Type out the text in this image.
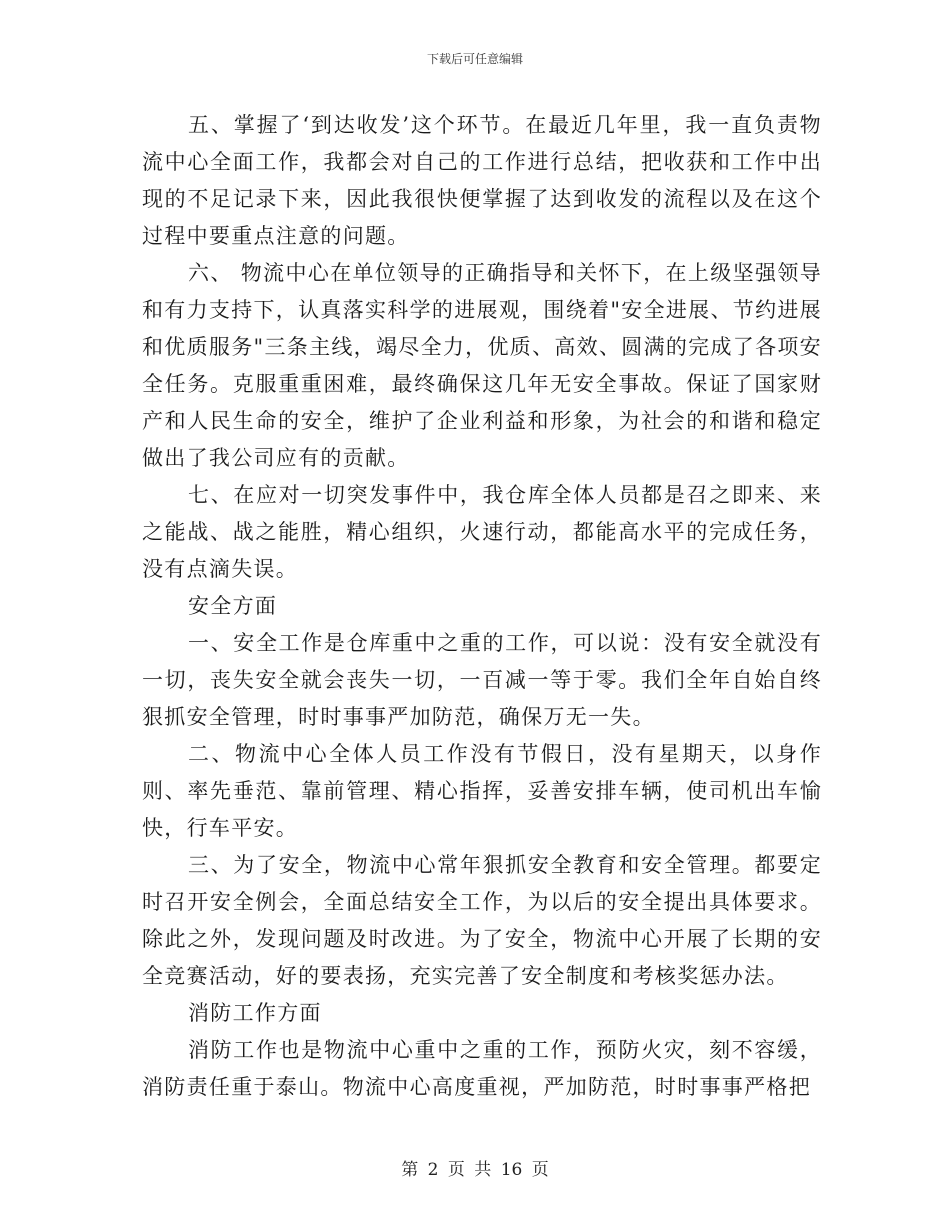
下载后可任意编辑

五、掌握了‘到达收发’这个环节。在最近几年里，我一直负责物流中心全面工作，我都会对自己的工作进行总结，把收获和工作中出现的不足记录下来，因此我很快便掌握了达到收发的流程以及在这个过程中要重点注意的问题。

六、 物流中心在单位领导的正确指导和关怀下，在上级坚强领导和有力支持下，认真落实科学的进展观，围绕着"安全进展、节约进展和优质服务"三条主线，竭尽全力，优质、高效、圆满的完成了各项安全任务。克服重重困难，最终确保这几年无安全事故。保证了国家财产和人民生命的安全，维护了企业利益和形象，为社会的和谐和稳定做出了我公司应有的贡献。

七、在应对一切突发事件中，我仓库全体人员都是召之即来、来之能战、战之能胜，精心组织，火速行动，都能高水平的完成任务，没有点滴失误。

安全方面

一、安全工作是仓库重中之重的工作，可以说：没有安全就没有一切，丧失安全就会丧失一切，一百减一等于零。我们全年自始自终狠抓安全管理，时时事事严加防范，确保万无一失。

二、物流中心全体人员工作没有节假日，没有星期天，以身作则、率先垂范、靠前管理、精心指挥，妥善安排车辆，使司机出车愉快，行车平安。

三、为了安全，物流中心常年狠抓安全教育和安全管理。都要定时召开安全例会，全面总结安全工作，为以后的安全提出具体要求。除此之外，发现问题及时改进。为了安全，物流中心开展了长期的安全竞赛活动，好的要表扬，充实完善了安全制度和考核奖惩办法。

消防工作方面

消防工作也是物流中心重中之重的工作，预防火灾，刻不容缓，消防责任重于泰山。物流中心高度重视，严加防范，时时事事严格把

第 2 页 共 16 页
